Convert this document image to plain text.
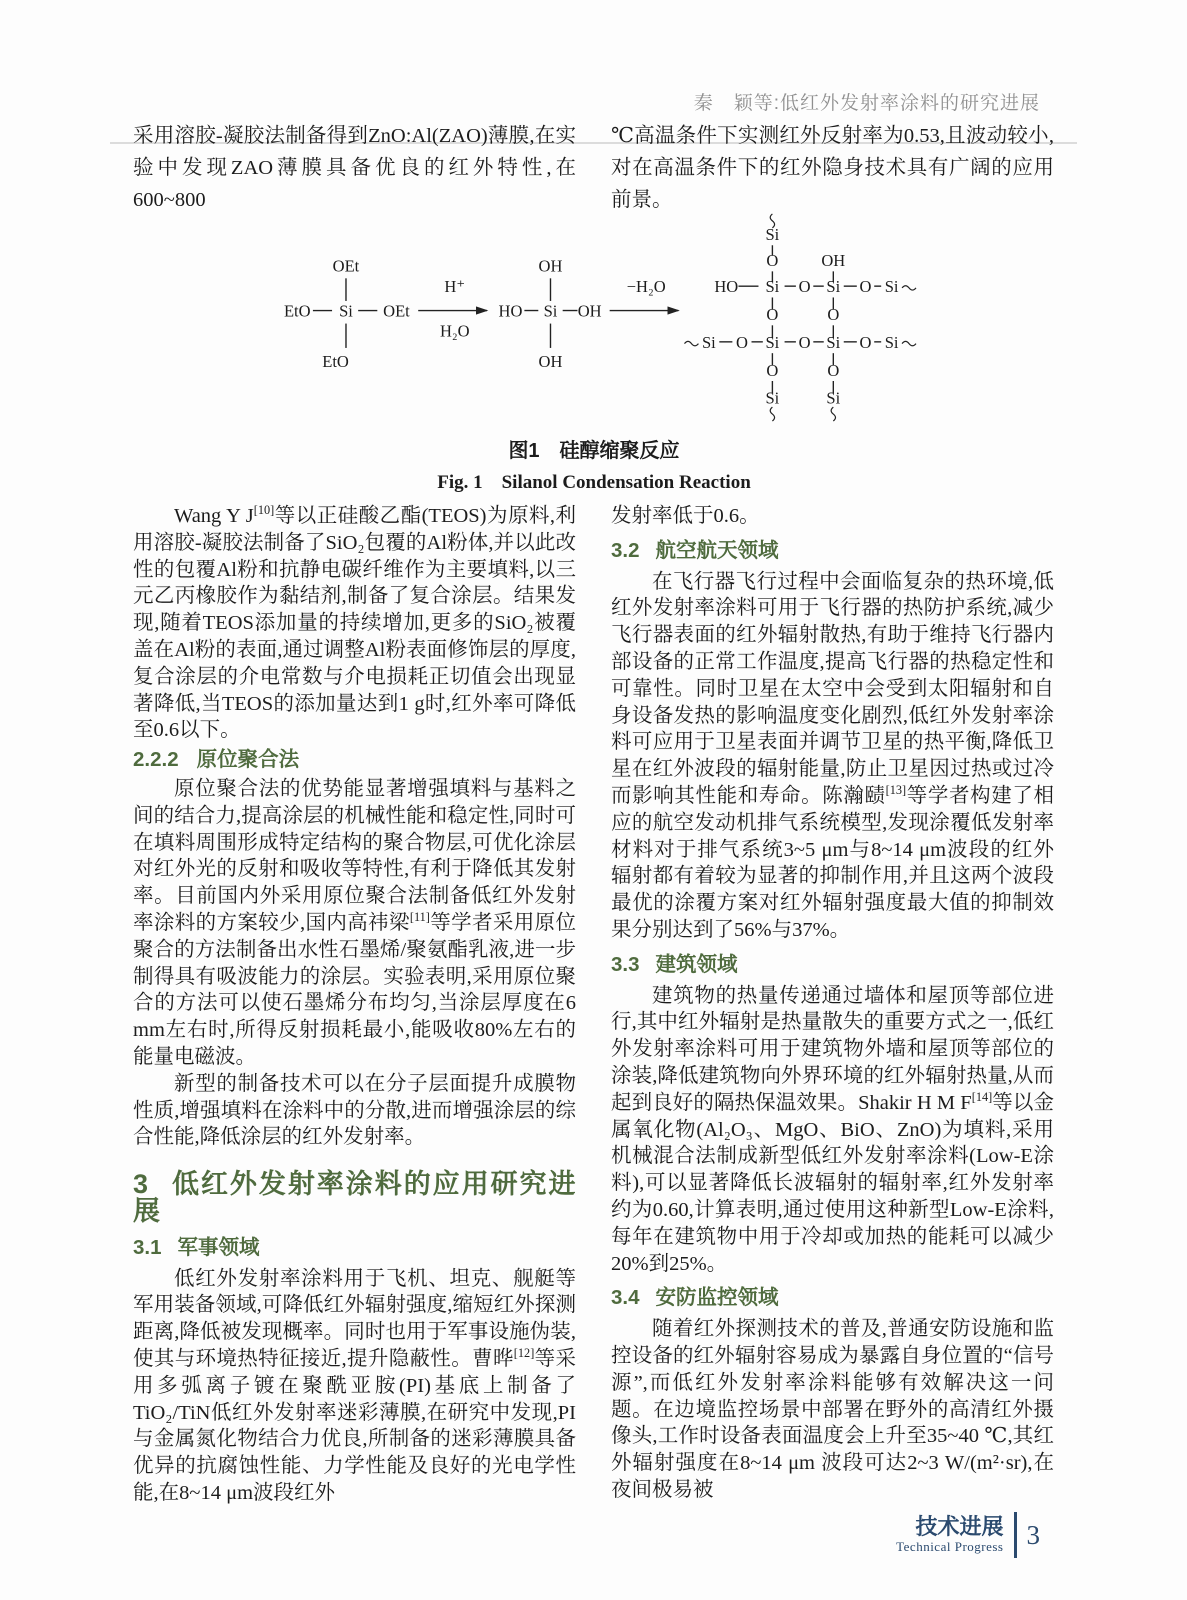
秦　颖等:低红外发射率涂料的研究进展
采用溶胶-凝胶法制备得到ZnO:Al(ZAO)薄膜,在实验中发现ZAO薄膜具备优良的红外特性,在600~800
℃高温条件下实测红外反射率为0.53,且波动较小,对在高温条件下的红外隐身技术具有广阔的应用前景。
OEt
EtO Si OEt
EtO
H⁺
H₂O
OH
HO Si OH
OH
−H₂O
Si
O OH
HO Si O Si O Si
O	O
Si O Si O Si O Si
O	O
Si Si
图1　硅醇缩聚反应
Fig. 1　Silanol Condensation Reaction

Wang Y J[10]等以正硅酸乙酯(TEOS)为原料,利用溶胶-凝胶法制备了SiO₂包覆的Al粉体,并以此改性的包覆Al粉和抗静电碳纤维作为主要填料,以三元乙丙橡胶作为黏结剂,制备了复合涂层。结果发现,随着TEOS添加量的持续增加,更多的SiO₂被覆盖在Al粉的表面,通过调整Al粉表面修饰层的厚度,复合涂层的介电常数与介电损耗正切值会出现显著降低,当TEOS的添加量达到1 g时,红外率可降低至0.6以下。

2.2.2 原位聚合法

原位聚合法的优势能显著增强填料与基料之间的结合力,提高涂层的机械性能和稳定性,同时可在填料周围形成特定结构的聚合物层,可优化涂层对红外光的反射和吸收等特性,有利于降低其发射率。目前国内外采用原位聚合法制备低红外发射率涂料的方案较少,国内高祎梁[11]等学者采用原位聚合的方法制备出水性石墨烯/聚氨酯乳液,进一步制得具有吸波能力的涂层。实验表明,采用原位聚合的方法可以使石墨烯分布均匀,当涂层厚度在6 mm左右时,所得反射损耗最小,能吸收80%左右的能量电磁波。

新型的制备技术可以在分子层面提升成膜物性质,增强填料在涂料中的分散,进而增强涂层的综合性能,降低涂层的红外发射率。

3 低红外发射率涂料的应用研究进展
3.1 军事领域

低红外发射率涂料用于飞机、坦克、舰艇等军用装备领域,可降低红外辐射强度,缩短红外探测距离,降低被发现概率。同时也用于军事设施伪装,使其与环境热特征接近,提升隐蔽性。曹晔[12]等采用多弧离子镀在聚酰亚胺(PI)基底上制备了TiO₂/TiN低红外发射率迷彩薄膜,在研究中发现,PI与金属氮化物结合力优良,所制备的迷彩薄膜具备优异的抗腐蚀性能、力学性能及良好的光电学性能,在8~14 μm波段红外

发射率低于0.6。

3.2 航空航天领域

在飞行器飞行过程中会面临复杂的热环境,低红外发射率涂料可用于飞行器的热防护系统,减少飞行器表面的红外辐射散热,有助于维持飞行器内部设备的正常工作温度,提高飞行器的热稳定性和可靠性。同时卫星在太空中会受到太阳辐射和自身设备发热的影响温度变化剧烈,低红外发射率涂料可应用于卫星表面并调节卫星的热平衡,降低卫星在红外波段的辐射能量,防止卫星因过热或过冷而影响其性能和寿命。陈瀚赜[13]等学者构建了相应的航空发动机排气系统模型,发现涂覆低发射率材料对于排气系统3~5 μm与8~14 μm波段的红外辐射都有着较为显著的抑制作用,并且这两个波段最优的涂覆方案对红外辐射强度最大值的抑制效果分别达到了56%与37%。

3.3 建筑领域

建筑物的热量传递通过墙体和屋顶等部位进行,其中红外辐射是热量散失的重要方式之一,低红外发射率涂料可用于建筑物外墙和屋顶等部位的涂装,降低建筑物向外界环境的红外辐射热量,从而起到良好的隔热保温效果。Shakir H M F[14]等以金属氧化物(Al₂O₃、MgO、BiO、ZnO)为填料,采用机械混合法制成新型低红外发射率涂料(Low-E涂料),可以显著降低长波辐射的辐射率,红外发射率约为0.60,计算表明,通过使用这种新型Low-E涂料,每年在建筑物中用于冷却或加热的能耗可以减少20%到25%。

3.4 安防监控领域

随着红外探测技术的普及,普通安防设施和监控设备的红外辐射容易成为暴露自身位置的“信号源”,而低红外发射率涂料能够有效解决这一问题。在边境监控场景中部署在野外的高清红外摄像头,工作时设备表面温度会上升至35~40 ℃,其红外辐射强度在8~14 μm 波段可达2~3 W/(m²·sr),在夜间极易被

技术进展
Technical Progress 3
